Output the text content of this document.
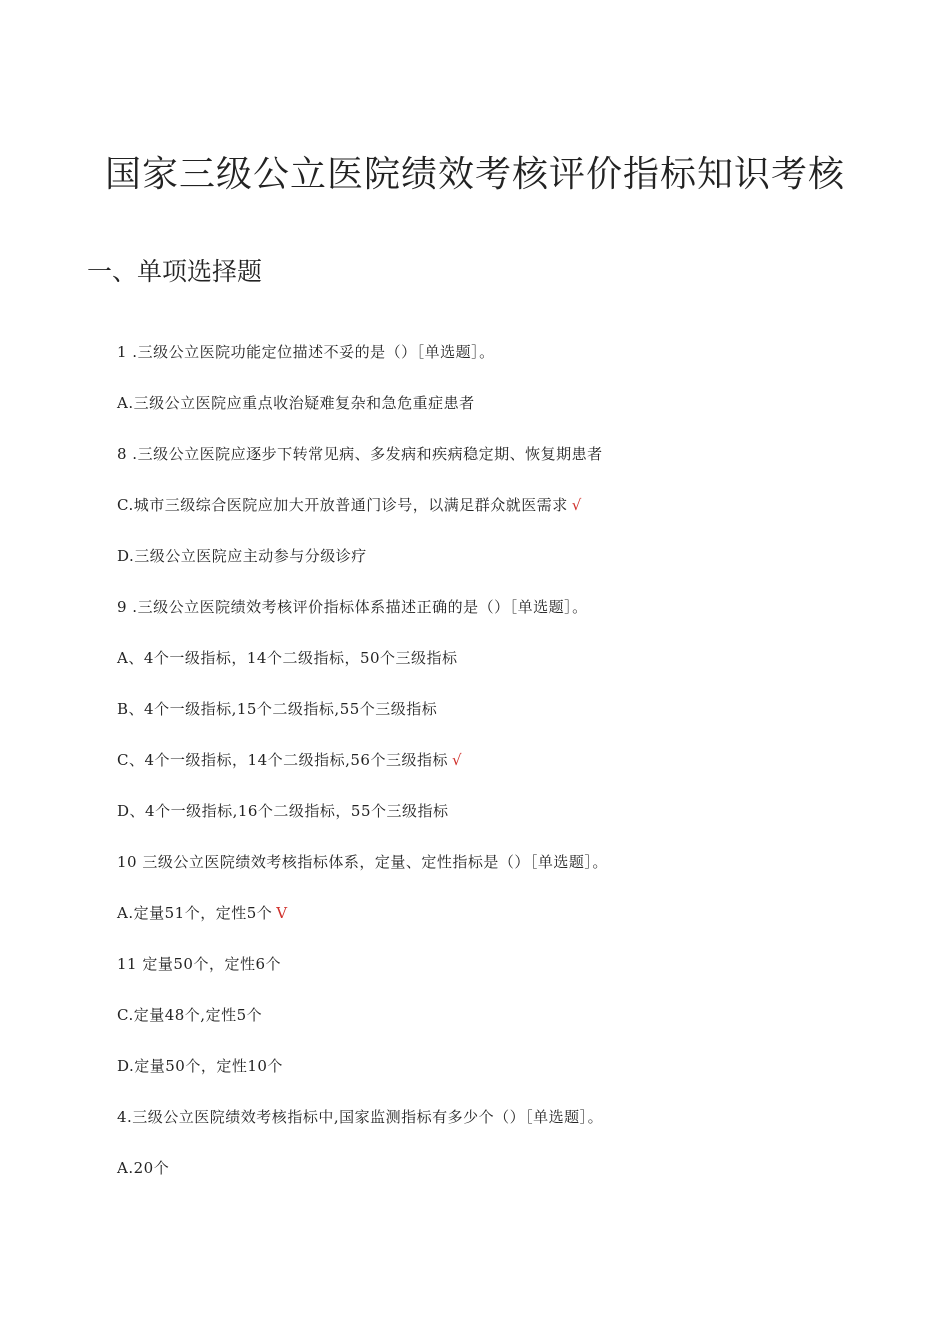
国家三级公立医院绩效考核评价指标知识考核
一、单项选择题
1 .三级公立医院功能定位描述不妥的是（）［单选题］。
A.三级公立医院应重点收治疑难复杂和急危重症患者
8 .三级公立医院应逐步下转常见病、多发病和疾病稳定期、恢复期患者
C.城市三级综合医院应加大开放普通门诊号，以满足群众就医需求 √
D.三级公立医院应主动参与分级诊疗
9 .三级公立医院绩效考核评价指标体系描述正确的是（）［单选题］。
A、4个一级指标，14个二级指标，50个三级指标
B、4个一级指标,15个二级指标,55个三级指标
C、4个一级指标，14个二级指标,56个三级指标 √
D、4个一级指标,16个二级指标，55个三级指标
10 三级公立医院绩效考核指标体系，定量、定性指标是（）［单选题］。
A.定量51个，定性5个 V
11 定量50个，定性6个
C.定量48个,定性5个
D.定量50个，定性10个
4.三级公立医院绩效考核指标中,国家监测指标有多少个（）［单选题］。
A.20个
